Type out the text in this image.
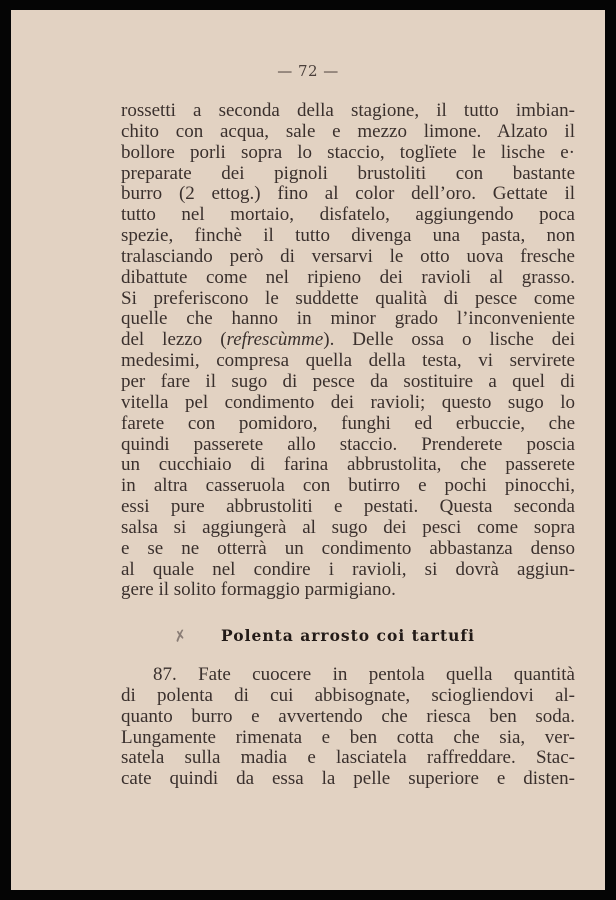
— 72 —
rossetti a seconda della stagione, il tutto imbian-
chito con acqua, sale e mezzo limone. Alzato il
bollore porli sopra lo staccio, toglïete le lische e·
preparate dei pignoli brustoliti con bastante
burro (2 ettog.) fino al color dell’oro. Gettate il
tutto nel mortaio, disfatelo, aggiungendo poca
spezie, finchè il tutto divenga una pasta, non
tralasciando però di versarvi le otto uova fresche
dibattute come nel ripieno dei ravioli al grasso.
Si preferiscono le suddette qualità di pesce come
quelle che hanno in minor grado l’inconveniente
del lezzo (refrescùmme). Delle ossa o lische dei
medesimi, compresa quella della testa, vi servirete
per fare il sugo di pesce da sostituire a quel di
vitella pel condimento dei ravioli; questo sugo lo
farete con pomidoro, funghi ed erbuccie, che
quindi passerete allo staccio. Prenderete poscia
un cucchiaio di farina abbrustolita, che passerete
in altra casseruola con butirro e pochi pinocchi,
essi pure abbrustoliti e pestati. Questa seconda
salsa si aggiungerà al sugo dei pesci come sopra
e se ne otterrà un condimento abbastanza denso
al quale nel condire i ravioli, si dovrà aggiun-
gere il solito formaggio parmigiano.
✗	Polenta arrosto coi tartufi
87. Fate cuocere in pentola quella quantità
di polenta di cui abbisognate, sciogliendovi al-
quanto burro e avvertendo che riesca ben soda.
Lungamente rimenata e ben cotta che sia, ver-
satela sulla madia e lasciatela raffreddare. Stac-
cate quindi da essa la pelle superiore e disten-
